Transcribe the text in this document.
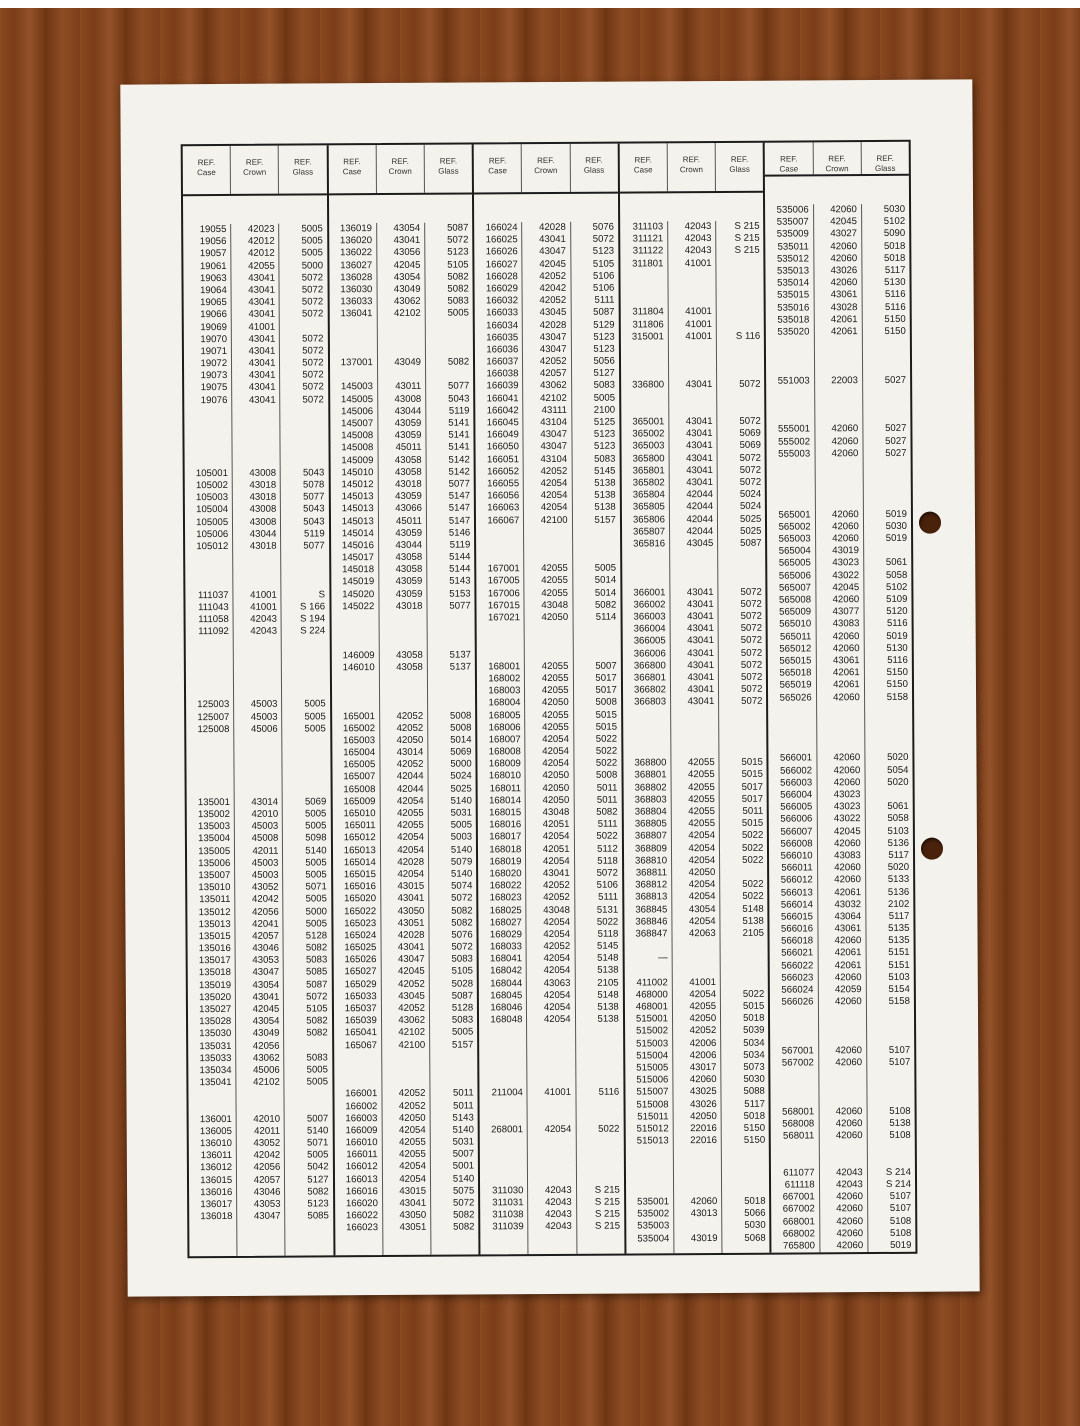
REF.
Case
REF.
Crown
REF.
Glass
19055
19056
19057
19061
19063
19064
19065
19066
19069
19070
19071
19072
19073
19075
19076
105001
105002
105003
105004
105005
105006
105012
111037
111043
111058
111092
125003
125007
125008
135001
135002
135003
135004
135005
135006
135007
135010
135011
135012
135013
135015
135016
135017
135018
135019
135020
135027
135028
135030
135031
135033
135034
135041
136001
136005
136010
136011
136012
136015
136016
136017
136018
42023
42012
42012
42055
43041
43041
43041
43041
41001
43041
43041
43041
43041
43041
43041
43008
43018
43018
43008
43008
43044
43018
41001
41001
42043
42043
45003
45003
45006
43014
42010
45003
45008
42011
45003
45003
43052
42042
42056
42041
42057
43046
43053
43047
43054
43041
42045
43054
43049
42056
43062
45006
42102
42010
42011
43052
42042
42056
42057
43046
43053
43047
5005
5005
5005
5000
5072
5072
5072
5072
5072
5072
5072
5072
5072
5072
5043
5078
5077
5043
5043
5119
5077
S
S 166
S 194
S 224
5005
5005
5005
5069
5005
5005
5098
5140
5005
5005
5071
5005
5000
5005
5128
5082
5083
5085
5087
5072
5105
5082
5082
5083
5005
5005
5007
5140
5071
5005
5042
5127
5082
5123
5085
REF.
Case
REF.
Crown
REF.
Glass
136019
136020
136022
136027
136028
136030
136033
136041
137001
145003
145005
145006
145007
145008
145008
145009
145010
145012
145013
145013
145013
145014
145016
145017
145018
145019
145020
145022
146009
146010
165001
165002
165003
165004
165005
165007
165008
165009
165010
165011
165012
165013
165014
165015
165016
165020
165022
165023
165024
165025
165026
165027
165029
165033
165037
165039
165041
165067
166001
166002
166003
166009
166010
166011
166012
166013
166016
166020
166022
166023
43054
43041
43056
42045
43054
43049
43062
42102
43049
43011
43008
43044
43059
43059
45011
43058
43058
43018
43059
43066
45011
43059
43044
43058
43058
43059
43059
43018
43058
43058
42052
42052
42050
43014
42052
42044
42044
42054
42055
42055
42054
42054
42028
42054
43015
43041
43050
43051
42028
43041
43047
42045
42052
43045
42052
43062
42102
42100
42052
42052
42050
42054
42055
42055
42054
42054
43015
43041
43050
43051
5087
5072
5123
5105
5082
5082
5083
5005
5082
5077
5043
5119
5141
5141
5141
5142
5142
5077
5147
5147
5147
5146
5119
5144
5144
5143
5153
5077
5137
5137
5008
5008
5014
5069
5000
5024
5025
5140
5031
5005
5003
5140
5079
5140
5074
5072
5082
5082
5076
5072
5083
5105
5028
5087
5128
5083
5005
5157
5011
5011
5143
5140
5031
5007
5001
5140
5075
5072
5082
5082
REF.
Case
REF.
Crown
REF.
Glass
166024
166025
166026
166027
166028
166029
166032
166033
166034
166035
166036
166037
166038
166039
166041
166042
166045
166049
166050
166051
166052
166055
166056
166063
166067
167001
167005
167006
167015
167021
168001
168002
168003
168004
168005
168006
168007
168008
168009
168010
168011
168014
168015
168016
168017
168018
168019
168020
168022
168023
168025
168027
168029
168033
168041
168042
168044
168045
168046
168048
211004
268001
311030
311031
311038
311039
42028
43041
43047
42045
42052
42042
42052
43045
42028
43047
43047
42052
42057
43062
42102
43111
43104
43047
43047
43104
42052
42054
42054
42054
42100
42055
42055
42055
43048
42050
42055
42055
42055
42050
42055
42055
42054
42054
42054
42050
42050
42050
43048
42051
42054
42051
42054
43041
42052
42052
43048
42054
42054
42052
42054
42054
43063
42054
42054
42054
41001
42054
42043
42043
42043
42043
5076
5072
5123
5105
5106
5106
5111
5087
5129
5123
5123
5056
5127
5083
5005
2100
5125
5123
5123
5083
5145
5138
5138
5138
5157
5005
5014
5014
5082
5114
5007
5017
5017
5008
5015
5015
5022
5022
5022
5008
5011
5011
5082
5111
5022
5112
5118
5072
5106
5111
5131
5022
5118
5145
5148
5138
2105
5148
5138
5138
5116
5022
S 215
S 215
S 215
S 215
REF.
Case
REF.
Crown
REF.
Glass
311103
311121
311122
311801
311804
311806
315001
336800
365001
365002
365003
365800
365801
365802
365804
365805
365806
365807
365816
366001
366002
366003
366004
366005
366006
366800
366801
366802
366803
368800
368801
368802
368803
368804
368805
368807
368809
368810
368811
368812
368813
368845
368846
368847
—
411002
468000
468001
515001
515002
515003
515004
515005
515006
515007
515008
515011
515012
515013
535001
535002
535003
535004
42043
42043
42043
41001
41001
41001
41001
43041
43041
43041
43041
43041
43041
43041
42044
42044
42044
42044
43045
43041
43041
43041
43041
43041
43041
43041
43041
43041
43041
42055
42055
42055
42055
42055
42055
42054
42054
42054
42050
42054
42054
43054
42054
42063
41001
42054
42055
42050
42052
42006
42006
43017
42060
43025
43026
42050
22016
22016
42060
43013
43019
S 215
S 215
S 215
S 116
5072
5072
5069
5069
5072
5072
5072
5024
5024
5025
5025
5087
5072
5072
5072
5072
5072
5072
5072
5072
5072
5072
5015
5015
5017
5017
5011
5015
5022
5022
5022
5022
5022
5148
5138
2105
5022
5015
5018
5039
5034
5034
5073
5030
5088
5117
5018
5150
5150
5018
5066
5030
5068
REF.
Case
REF.
Crown
REF.
Glass
535006
535007
535009
535011
535012
535013
535014
535015
535016
535018
535020
551003
555001
555002
555003
565001
565002
565003
565004
565005
565006
565007
565008
565009
565010
565011
565012
565015
565018
565019
565026
566001
566002
566003
566004
566005
566006
566007
566008
566010
566011
566012
566013
566014
566015
566016
566018
566021
566022
566023
566024
566026
567001
567002
568001
568008
568011
611077
611118
667001
667002
668001
668002
765800
42060
42045
43027
42060
42060
43026
42060
43061
43028
42061
42061
22003
42060
42060
42060
42060
42060
42060
43019
43023
43022
42045
42060
43077
43083
42060
42060
43061
42061
42061
42060
42060
42060
42060
43023
43023
43022
42045
42060
43083
42060
42060
42061
43032
43064
43061
42060
42061
42061
42060
42059
42060
42060
42060
42060
42060
42060
42043
42043
42060
42060
42060
42060
42060
5030
5102
5090
5018
5018
5117
5130
5116
5116
5150
5150
5027
5027
5027
5027
5019
5030
5019
5061
5058
5102
5109
5120
5116
5019
5130
5116
5150
5150
5158
5020
5054
5020
5061
5058
5103
5136
5117
5020
5133
5136
2102
5117
5135
5135
5151
5151
5103
5154
5158
5107
5107
5108
5138
5108
S 214
S 214
5107
5107
5108
5108
5019
